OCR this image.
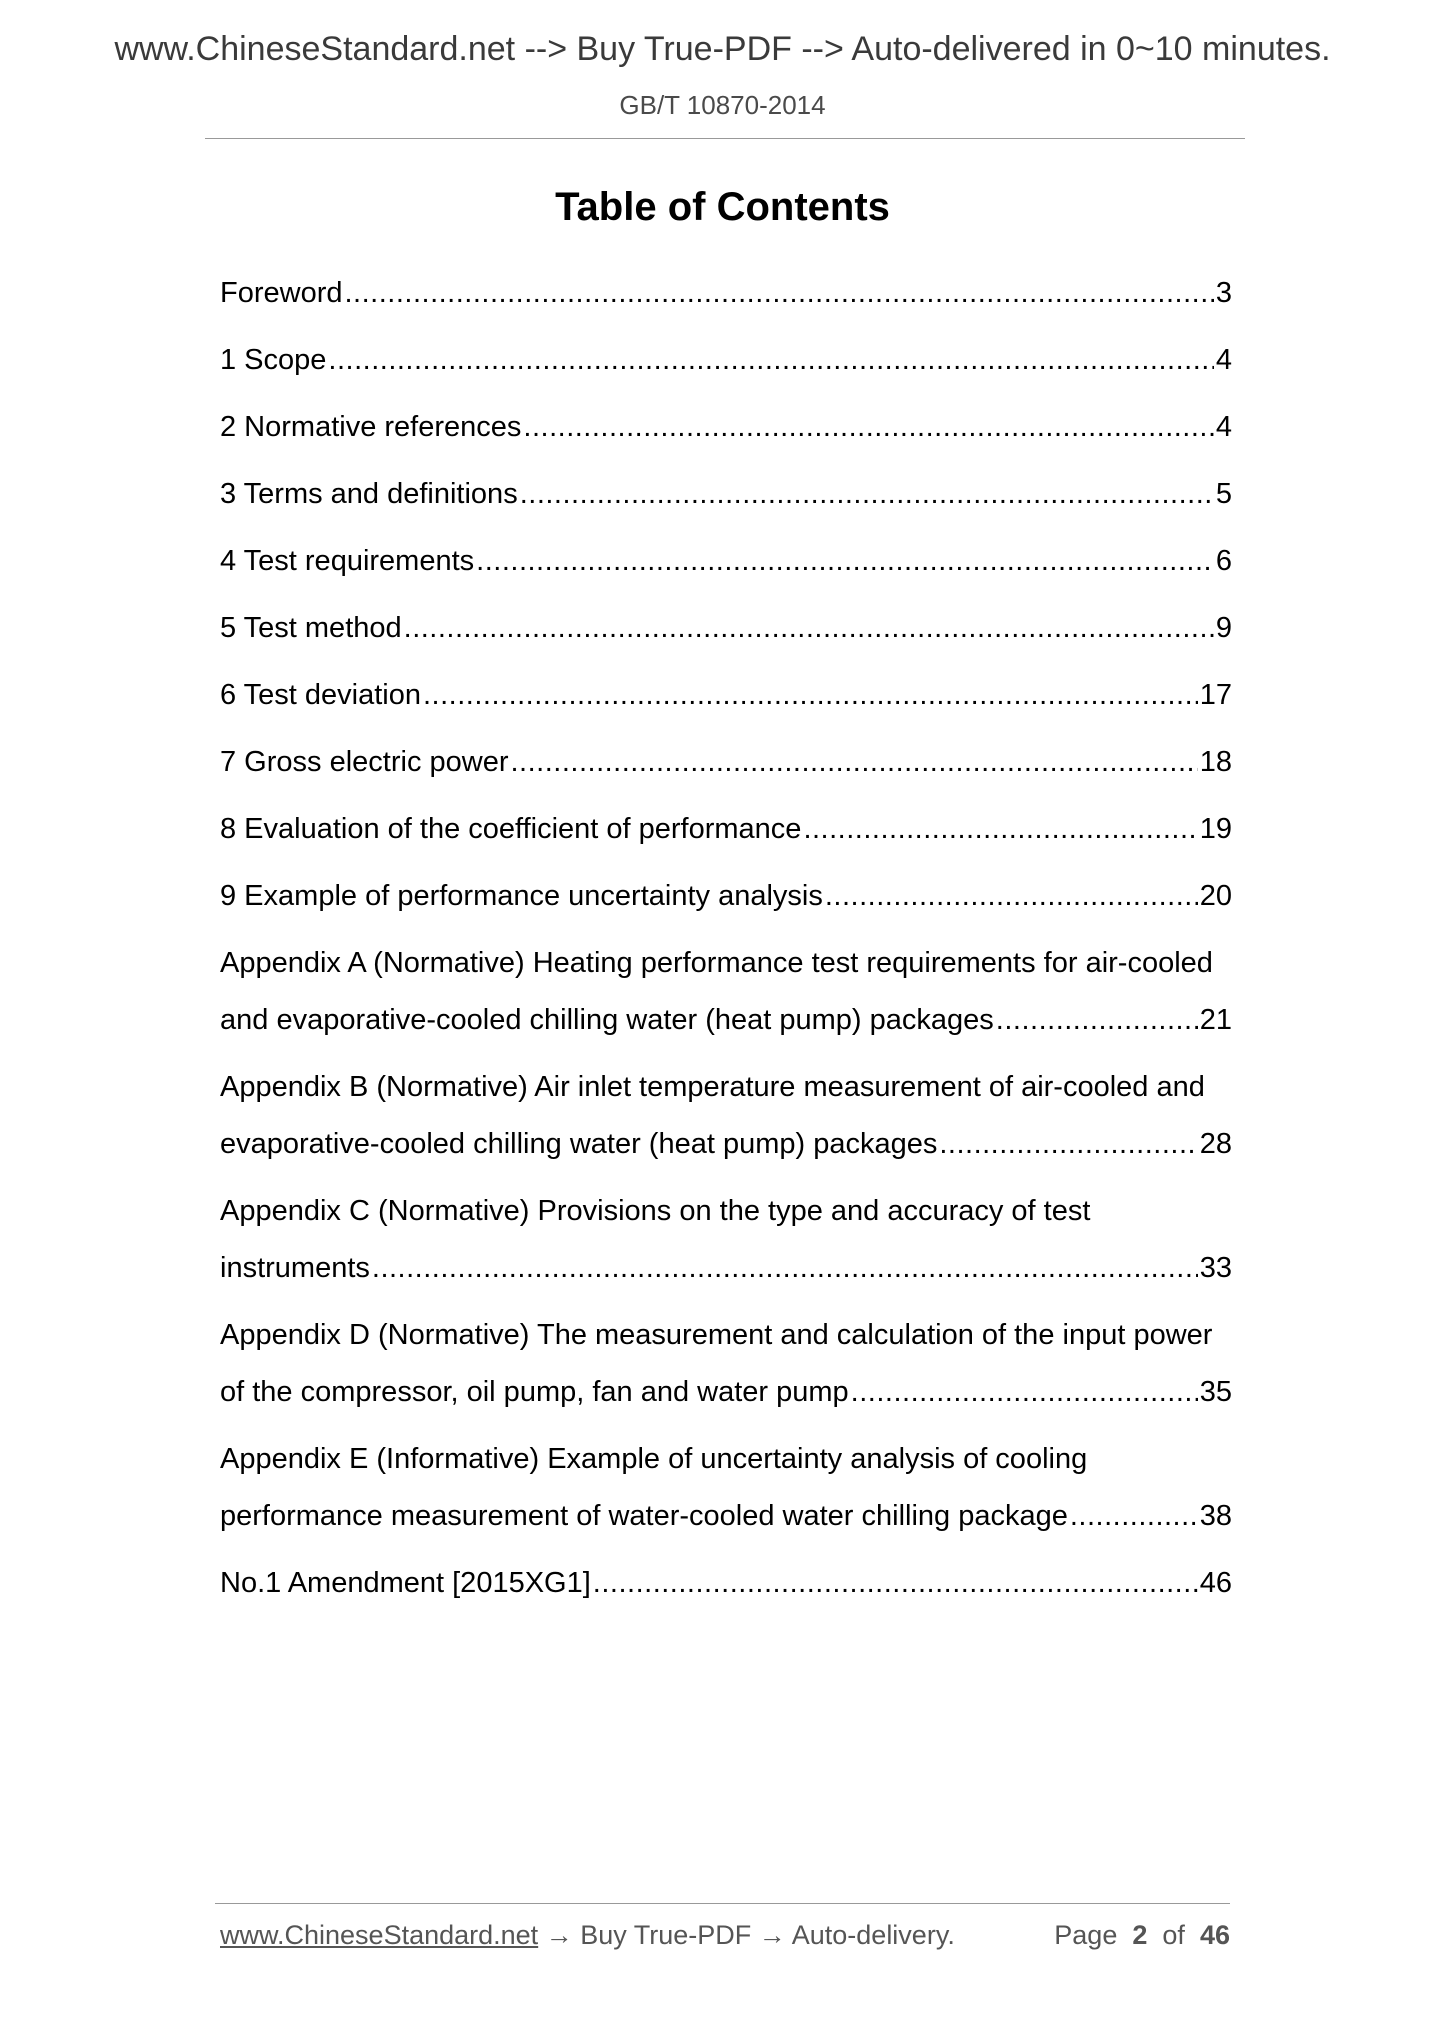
www.ChineseStandard.net --> Buy True-PDF --> Auto-delivered in 0~10 minutes.
GB/T 10870-2014
Table of Contents
Foreword .....	3
1 Scope .....	4
2 Normative references .....	4
3 Terms and definitions .....	5
4 Test requirements .....	6
5 Test method .....	9
6 Test deviation .....	17
7 Gross electric power .....	18
8 Evaluation of the coefficient of performance .....	19
9 Example of performance uncertainty analysis .....	20
Appendix A (Normative) Heating performance test requirements for air-cooled
and evaporative-cooled chilling water (heat pump) packages .....	21
Appendix B (Normative) Air inlet temperature measurement of air-cooled and
evaporative-cooled chilling water (heat pump) packages .....	28
Appendix C (Normative) Provisions on the type and accuracy of test
instruments .....	33
Appendix D (Normative) The measurement and calculation of the input power
of the compressor, oil pump, fan and water pump .....	35
Appendix E (Informative) Example of uncertainty analysis of cooling
performance measurement of water-cooled water chilling package .....	38
No.1 Amendment [2015XG1] .....	46
www.ChineseStandard.net → Buy True-PDF → Auto-delivery.	Page 2 of 46
